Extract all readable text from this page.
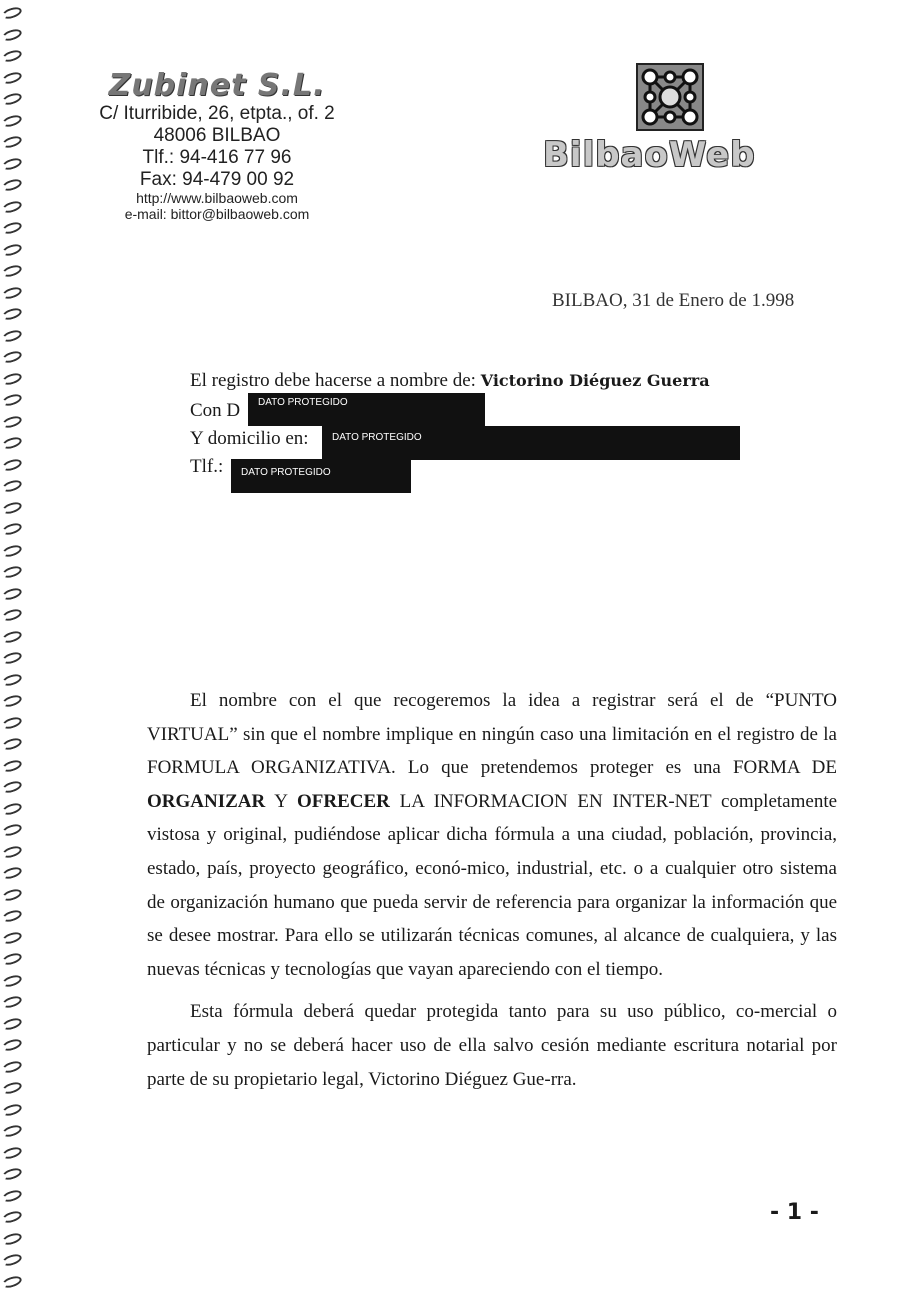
Zubinet S.L.
C/ Iturribide, 26, etpta., of. 2
48006 BILBAO
Tlf.: 94-416 77 96
Fax: 94-479 00 92
http://www.bilbaoweb.com
e-mail: bittor@bilbaoweb.com
BilbaoWeb
BILBAO, 31 de Enero de 1.998
El registro debe hacerse a nombre de: Victorino Diéguez Guerra
Con D
Y domicilio en:
Tlf.:
DATO PROTEGIDO
DATO PROTEGIDO
DATO PROTEGIDO

El nombre con el que recogeremos la idea a registrar será el de “PUNTO VIRTUAL” sin que el nombre implique en ningún caso una limitación en el registro de la FORMULA ORGANIZATIVA. Lo que pretendemos proteger es una FORMA DE ORGANIZAR Y OFRECER LA INFORMACION EN INTER-NET completamente vistosa y original, pudiéndose aplicar dicha fórmula a una ciudad, población, provincia, estado, país, proyecto geográfico, econó-mico, industrial, etc. o a cualquier otro sistema de organización humano que pueda servir de referencia para organizar la información que se desee mostrar. Para ello se utilizarán técnicas comunes, al alcance de cualquiera, y las nuevas técnicas y tecnologías que vayan apareciendo con el tiempo.

Esta fórmula deberá quedar protegida tanto para su uso público, co-mercial o particular y no se deberá hacer uso de ella salvo cesión mediante escritura notarial por parte de su propietario legal, Victorino Diéguez Gue-rra.

- 1 -
